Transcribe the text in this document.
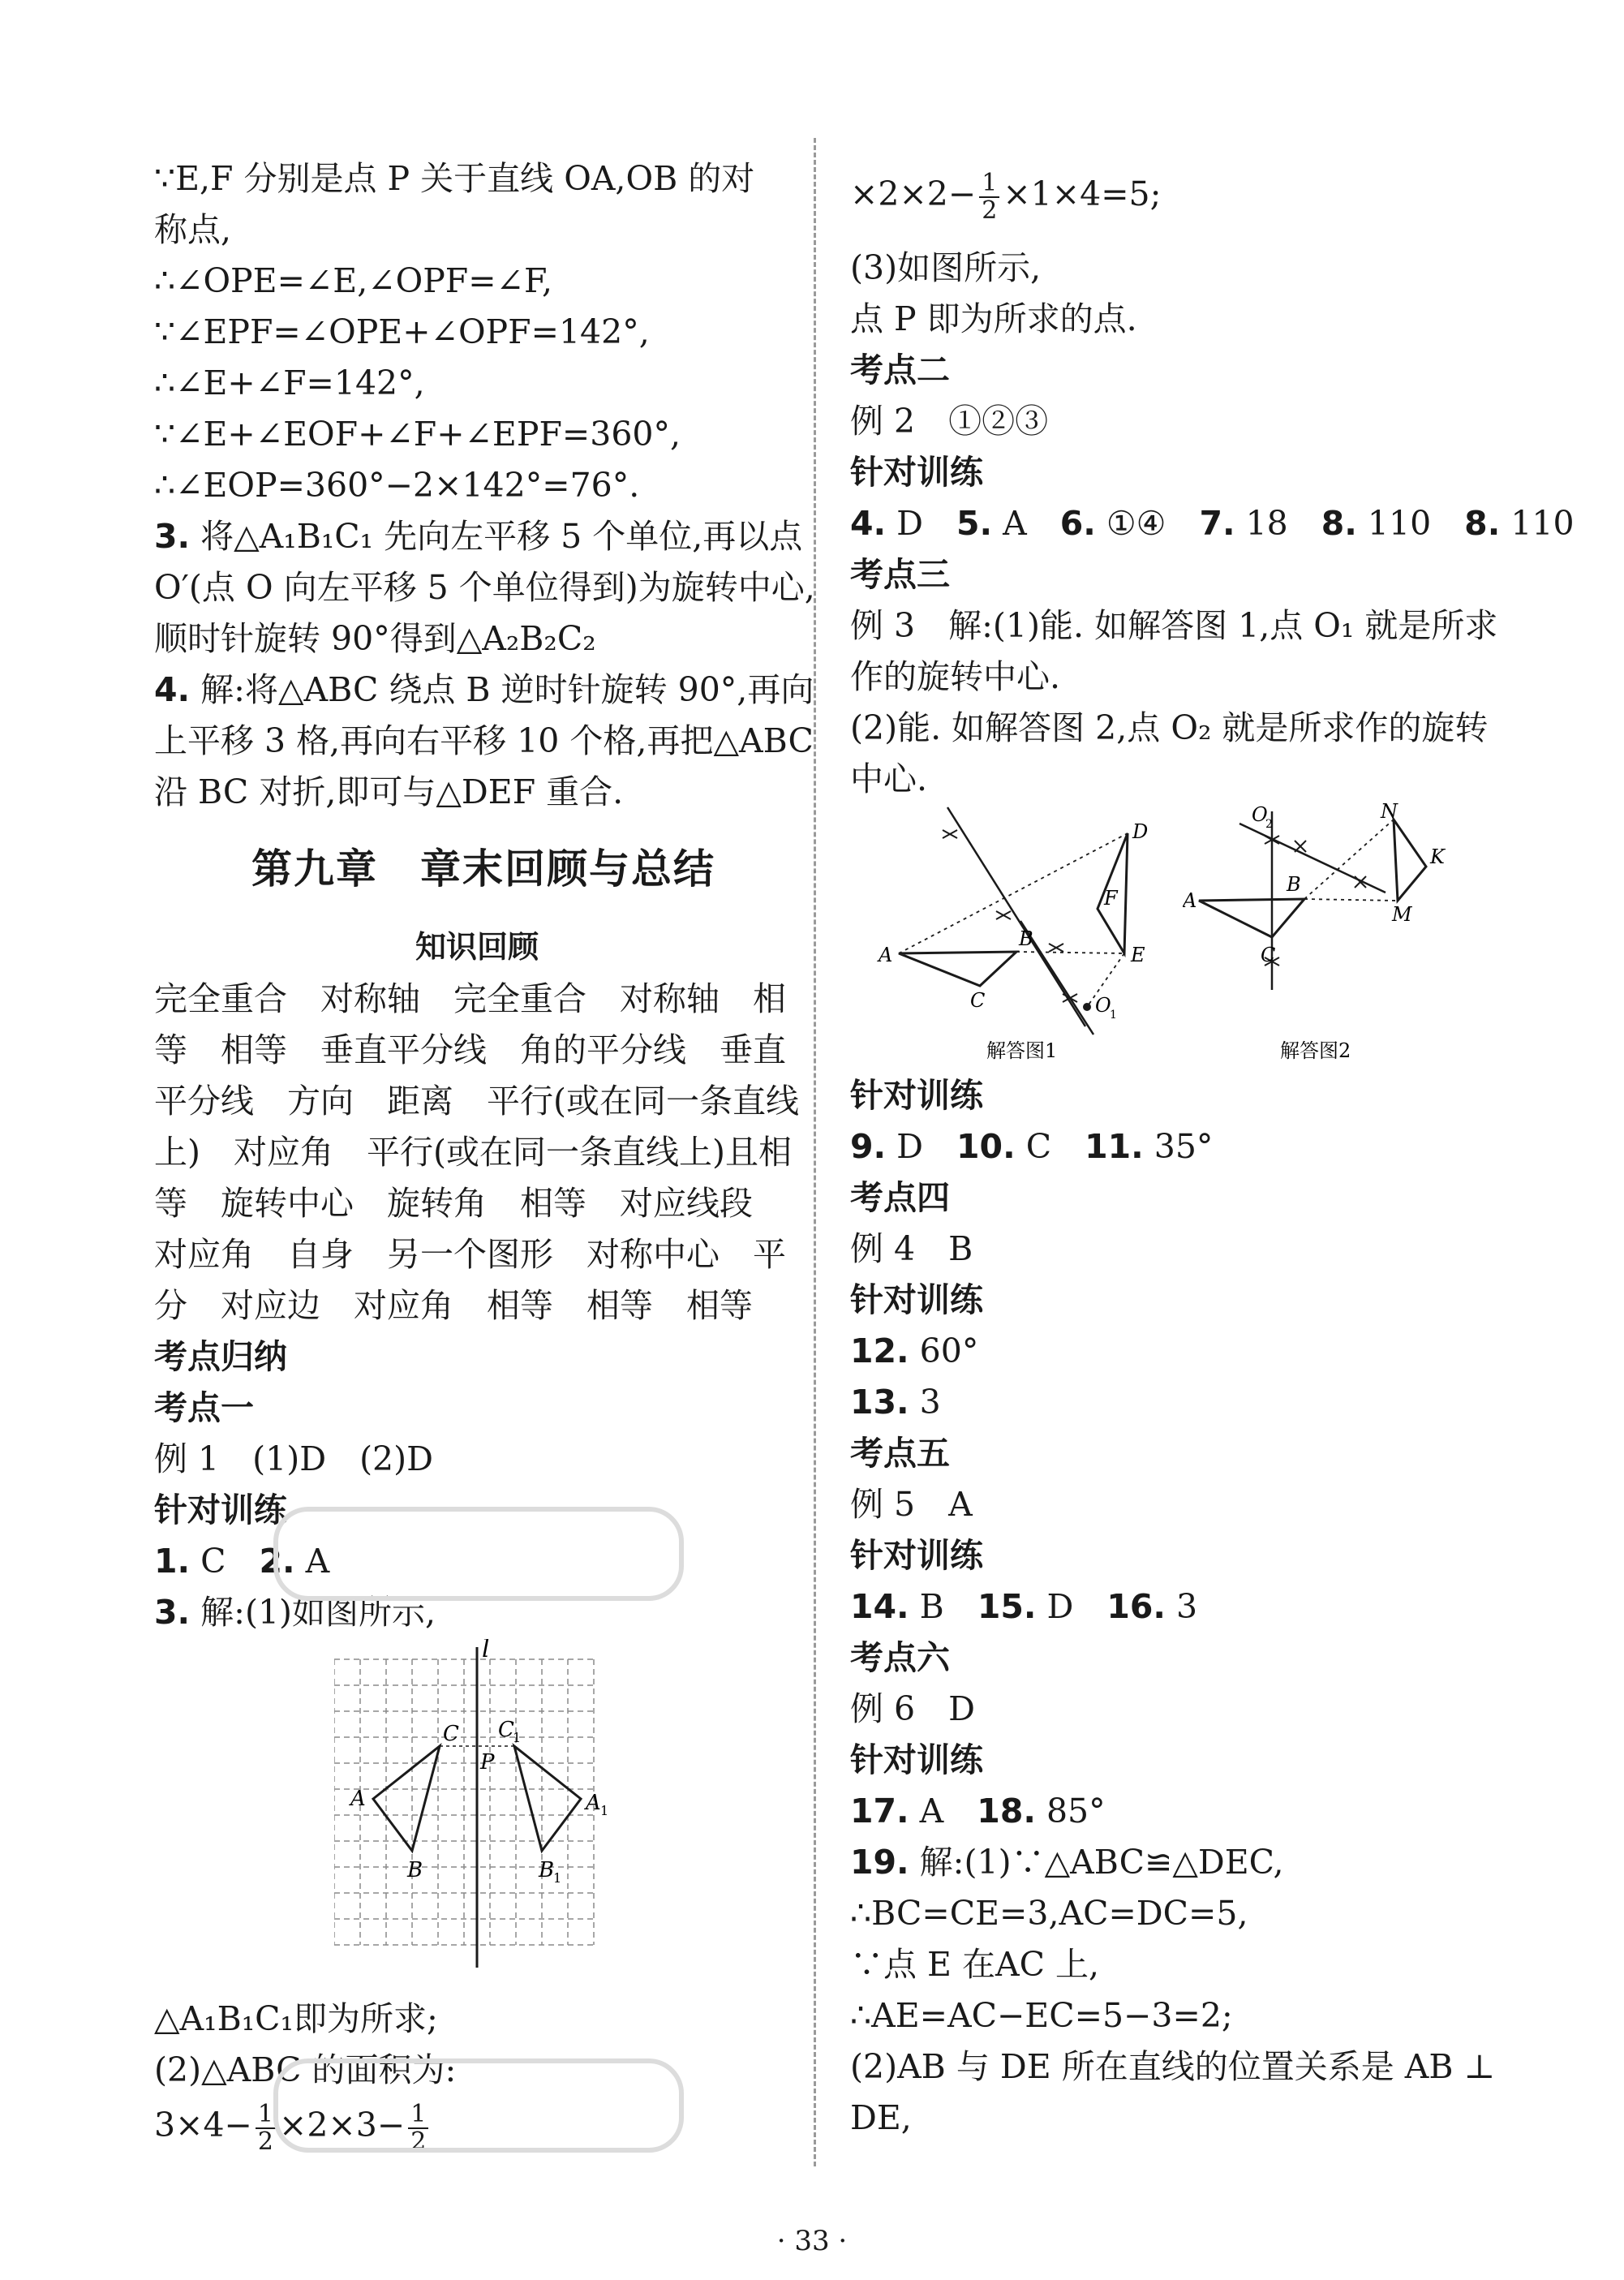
∵E,F 分别是点 P 关于直线 OA,OB 的对
称点,
∴∠OPE=∠E,∠OPF=∠F,
∵∠EPF=∠OPE+∠OPF=142°,
∴∠E+∠F=142°,
∵∠E+∠EOF+∠F+∠EPF=360°,
∴∠EOP=360°−2×142°=76°.
3. 将△A₁B₁C₁ 先向左平移 5 个单位,再以点
O′(点 O 向左平移 5 个单位得到)为旋转中心,
顺时针旋转 90°得到△A₂B₂C₂
4. 解:将△ABC 绕点 B 逆时针旋转 90°,再向
上平移 3 格,再向右平移 10 个格,再把△ABC
沿 BC 对折,即可与△DEF 重合.
第九章　章末回顾与总结
知识回顾
完全重合　对称轴　完全重合　对称轴　相
等　相等　垂直平分线　角的平分线　垂直
平分线　方向　距离　平行(或在同一条直线
上)　对应角　平行(或在同一条直线上)且相
等　旋转中心　旋转角　相等　对应线段
对应角　自身　另一个图形　对称中心　平
分　对应边　对应角　相等　相等　相等
考点归纳
考点一
例 1　(1)D　(2)D
针对训练
1. C　2. A
3. 解:(1)如图所示,
l
A
B
C
P
A 1
B
1
C
1
△A₁B₁C₁即为所求;
(2)△ABC 的面积为:
$3\times 4- \frac{1}{2} \times 2\times 3- \frac{1}{2}$
$\times 2\times 2- \frac{1}{2} \times 1\times 4=5$;
(3)如图所示,
点 P 即为所求的点.
考点二
例 2　①②③
针对训练
4. D　5. A　6. ①④　7. 18　8. 110　8. 110
考点三
例 3　解:(1)能. 如解答图 1,点 O₁ 就是所求
作的旋转中心.
(2)能. 如解答图 2,点 O₂ 就是所求作的旋转
中心.
D
F
E
A
B
C	O
1
解答图1
O
2
N
K
A
B
C
M
解答图2
针对训练
9. D　10. C　11. 35°
考点四
例 4　B
针对训练
12. 60°
13. 3
考点五
例 5　A
针对训练
14. B　15. D　16. 3
考点六
例 6　D
针对训练
17. A　18. 85°
19. 解:(1)∵△ABC≌△DEC,
∴BC=CE=3,AC=DC=5,
∵点 E 在AC 上,
∴AE=AC−EC=5−3=2;
(2)AB 与 DE 所在直线的位置关系是 AB ⊥
DE,
· 33 ·
